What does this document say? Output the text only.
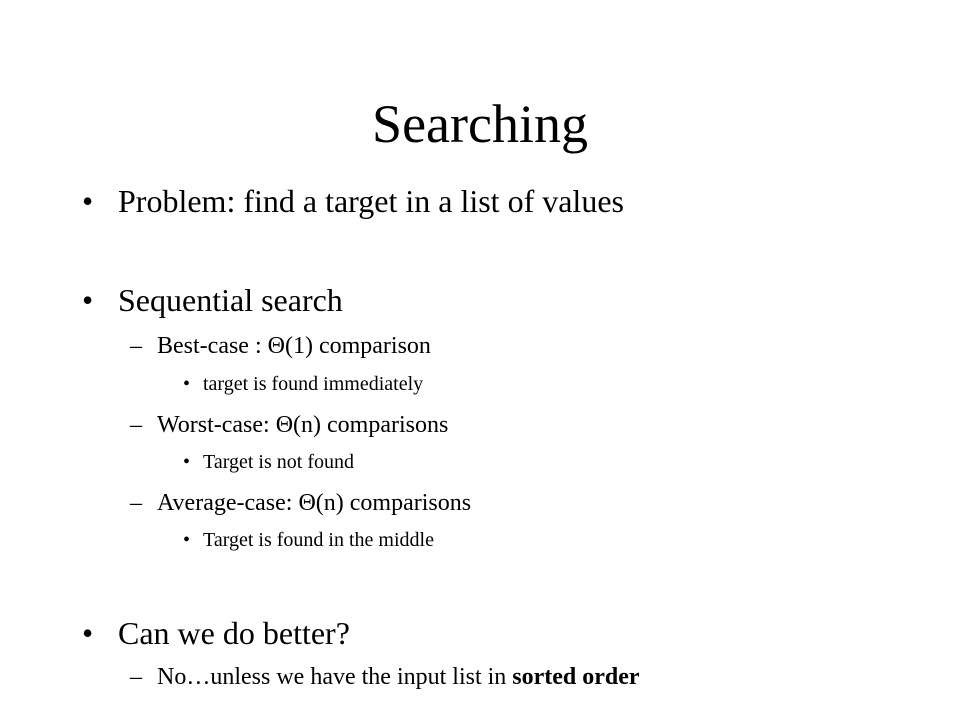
Searching
• Problem: find a target in a list of values
• Sequential search
– Best-case : Θ(1) comparison
• target is found immediately
– Worst-case: Θ(n) comparisons
• Target is not found
– Average-case: Θ(n) comparisons
• Target is found in the middle
• Can we do better?
– No…unless we have the input list in sorted order
